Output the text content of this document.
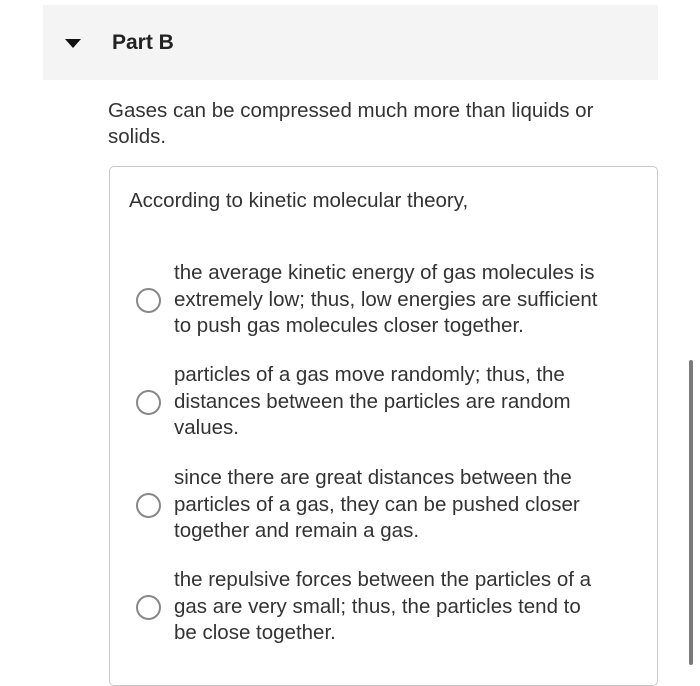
Part B
Gases can be compressed much more than liquids or
solids.
According to kinetic molecular theory,
the average kinetic energy of gas molecules is
extremely low; thus, low energies are sufficient
to push gas molecules closer together.
particles of a gas move randomly; thus, the
distances between the particles are random
values.
since there are great distances between the
particles of a gas, they can be pushed closer
together and remain a gas.
the repulsive forces between the particles of a
gas are very small; thus, the particles tend to
be close together.
